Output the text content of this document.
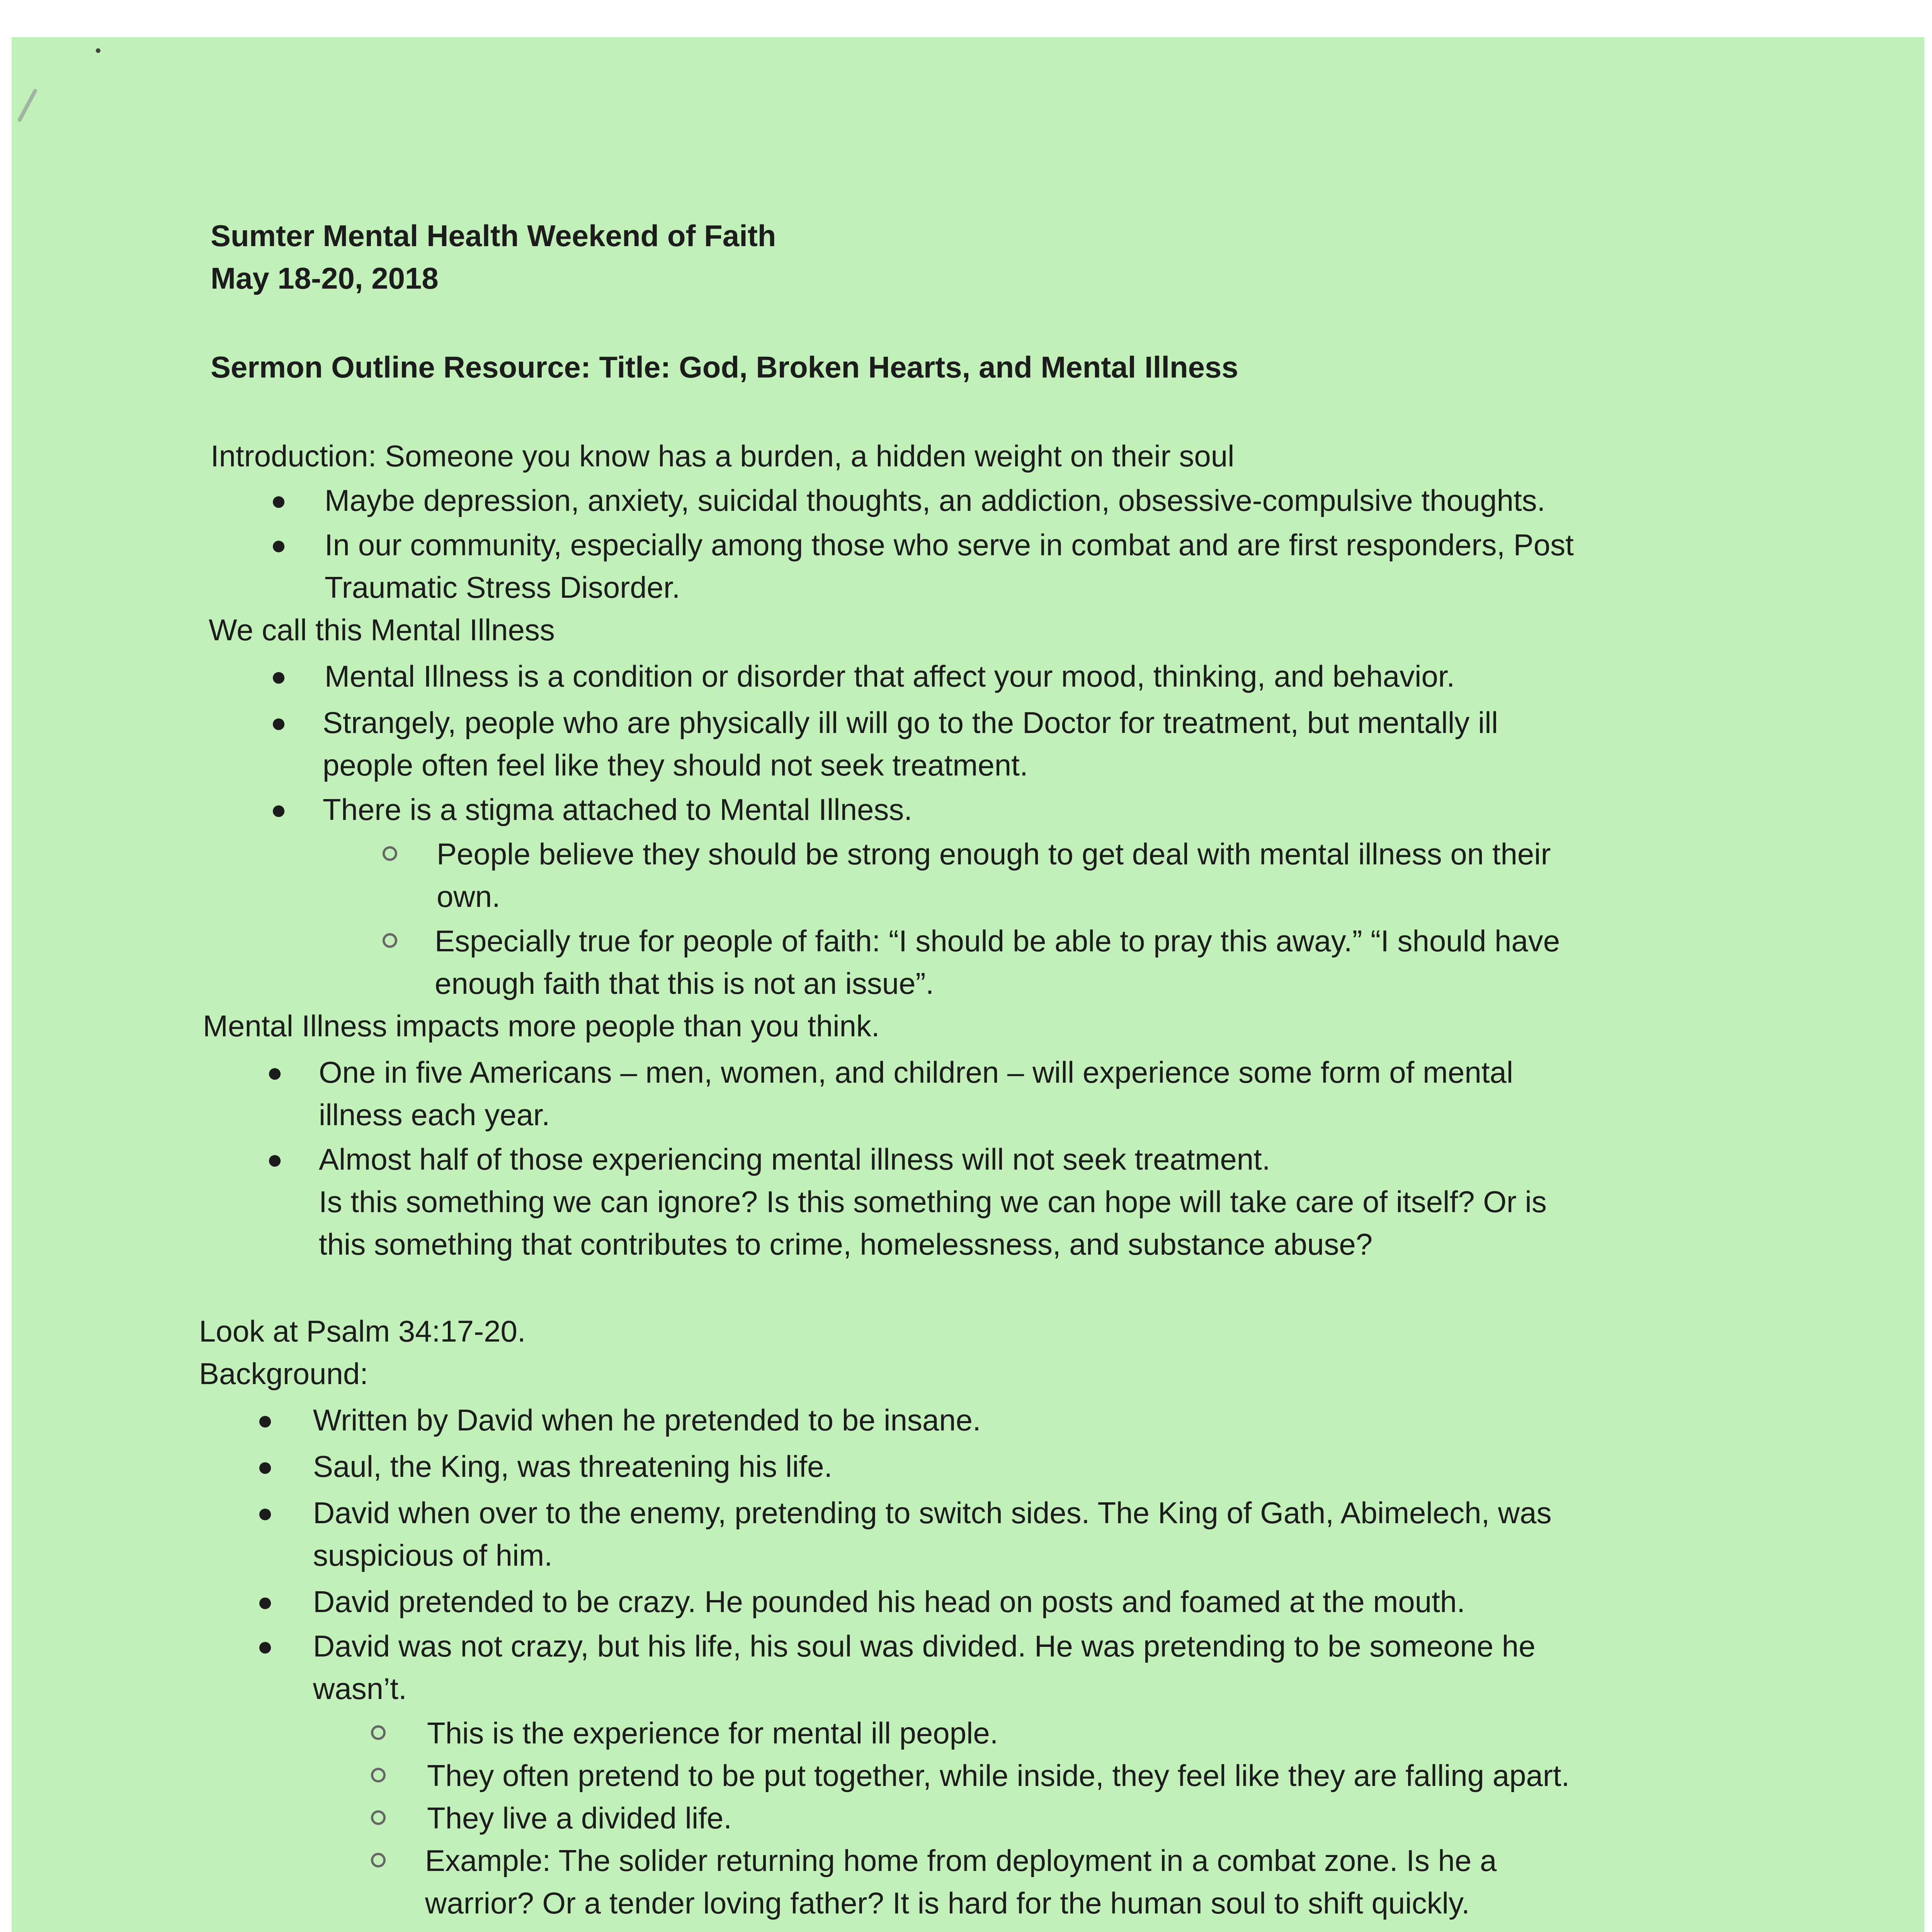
Sumter Mental Health Weekend of Faith
May 18-20, 2018
Sermon Outline Resource: Title: God, Broken Hearts, and Mental Illness
Introduction: Someone you know has a burden, a hidden weight on their soul
● Maybe depression, anxiety, suicidal thoughts, an addiction, obsessive-compulsive thoughts.
● In our community, especially among those who serve in combat and are first responders, Post
Traumatic Stress Disorder.
We call this Mental Illness
● Mental Illness is a condition or disorder that affect your mood, thinking, and behavior.
● Strangely, people who are physically ill will go to the Doctor for treatment, but mentally ill
people often feel like they should not seek treatment.
● There is a stigma attached to Mental Illness.
People believe they should be strong enough to get deal with mental illness on their
own.
Especially true for people of faith: “I should be able to pray this away.” “I should have
enough faith that this is not an issue”.
Mental Illness impacts more people than you think.
● One in five Americans – men, women, and children – will experience some form of mental
illness each year.
● Almost half of those experiencing mental illness will not seek treatment.
Is this something we can ignore? Is this something we can hope will take care of itself? Or is
this something that contributes to crime, homelessness, and substance abuse?
Look at Psalm 34:17-20.
Background:
● Written by David when he pretended to be insane.
● Saul, the King, was threatening his life.
● David when over to the enemy, pretending to switch sides. The King of Gath, Abimelech, was
suspicious of him.
● David pretended to be crazy. He pounded his head on posts and foamed at the mouth.
● David was not crazy, but his life, his soul was divided. He was pretending to be someone he
wasn’t.
This is the experience for mental ill people.
They often pretend to be put together, while inside, they feel like they are falling apart.
They live a divided life.
Example: The solider returning home from deployment in a combat zone. Is he a
warrior? Or a tender loving father? It is hard for the human soul to shift quickly.
